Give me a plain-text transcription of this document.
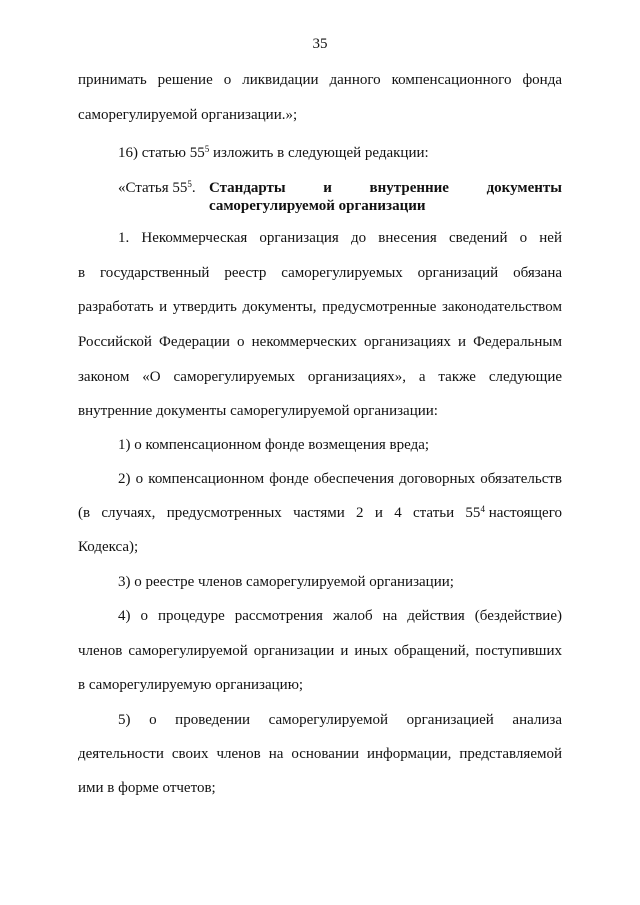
35
принимать решение о ликвидации данного компенсационного фонда
саморегулируемой организации.»;
16) статью $55^5$ изложить в следующей редакции:
«Статья $55^5$. Стандарты и внутренние документы
саморегулируемой организации
1. Некоммерческая организация до внесения сведений о ней
в государственный реестр саморегулируемых организаций обязана
разработать и утвердить документы, предусмотренные законодательством
Российской Федерации о некоммерческих организациях и Федеральным
законом «О саморегулируемых организациях», а также следующие
внутренние документы саморегулируемой организации:
1) о компенсационном фонде возмещения вреда;
2) о компенсационном фонде обеспечения договорных обязательств
(в случаях, предусмотренных частями 2 и 4 статьи $55^4$ настоящего
Кодекса);
3) о реестре членов саморегулируемой организации;
4) о процедуре рассмотрения жалоб на действия (бездействие)
членов саморегулируемой организации и иных обращений, поступивших
в саморегулируемую организацию;
5) о проведении саморегулируемой организацией анализа
деятельности своих членов на основании информации, представляемой
ими в форме отчетов;
